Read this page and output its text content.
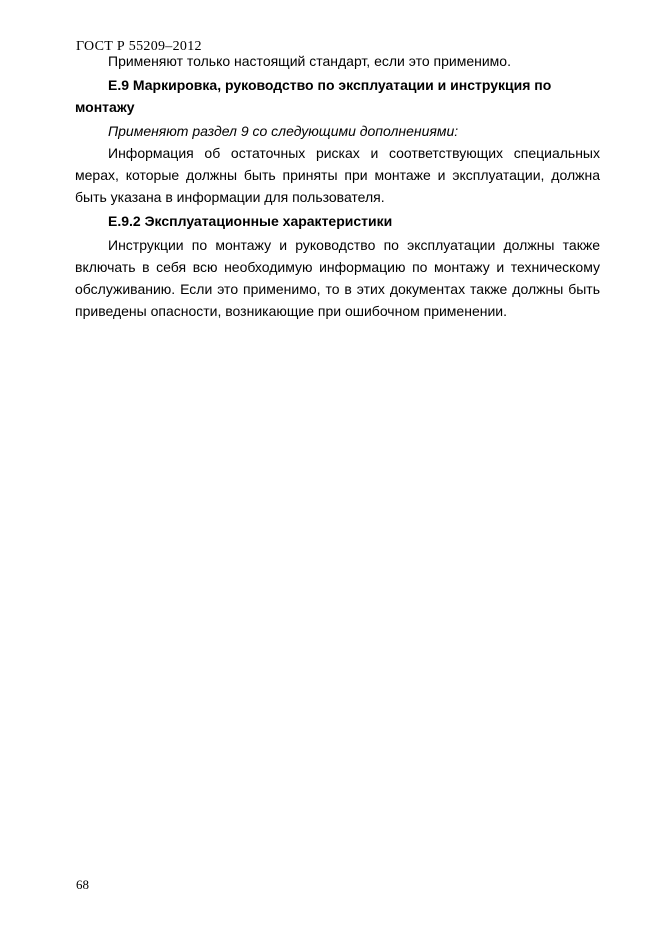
ГОСТ Р 55209–2012

Применяют только настоящий стандарт, если это применимо.

Е.9 Маркировка, руководство по эксплуатации и инструкция по монтажу

Применяют раздел 9 со следующими дополнениями:

Информация об остаточных рисках и соответствующих специальных мерах, которые должны быть приняты при монтаже и эксплуатации, должна быть указана в информации для пользователя.

Е.9.2 Эксплуатационные характеристики

Инструкции по монтажу и руководство по эксплуатации должны также включать в себя всю необходимую информацию по монтажу и техническому обслуживанию. Если это применимо, то в этих документах также должны быть приведены опасности, возникающие при ошибочном применении.

68
